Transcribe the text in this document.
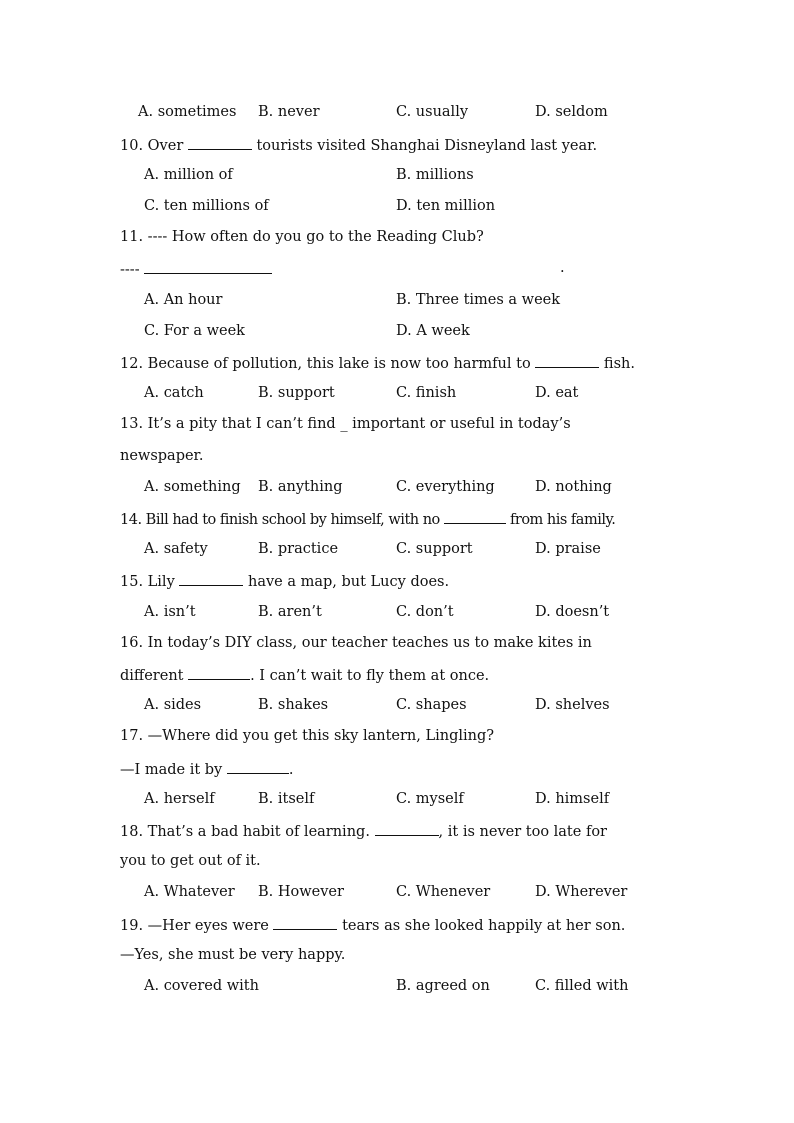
A. sometimes B. never	C. usually	D. seldom
10. Over	tourists visited Shanghai Disneyland last year.
A. million of	B. millions
C. ten millions of	D. ten million
11. ---- How often do you go to the Reading Club?
----	.
A. An hour	B. Three times a week
C. For a week	D. A week
12. Because of pollution, this lake is now too harmful to	fish.
A. catch	B. support	C. finish	D. eat
13. It’s a pity that I can’t find _ important or useful in today’s
newspaper.
A. something B. anything	C. everything	D. nothing
14. Bill had to finish school by himself, with no	from his family.
A. safety	B. practice	C. support	D. praise
15. Lily	have a map, but Lucy does.
A. isn’t	B. aren’t	C. don’t	D. doesn’t
16. In today’s DIY class, our teacher teaches us to make kites in
different	. I can’t wait to fly them at once.
A. sides	B. shakes	C. shapes	D. shelves
17. —Where did you get this sky lantern, Lingling?
—I made it by	.
A. herself	B. itself	C. myself	D. himself
18. That’s a bad habit of learning.	, it is never too late for
you to get out of it.
A. Whatever B. However	C. Whenever	D. Wherever
19. —Her eyes were	tears as she looked happily at her son.
—Yes, she must be very happy.
A. covered with	B. agreed on	C. filled with
